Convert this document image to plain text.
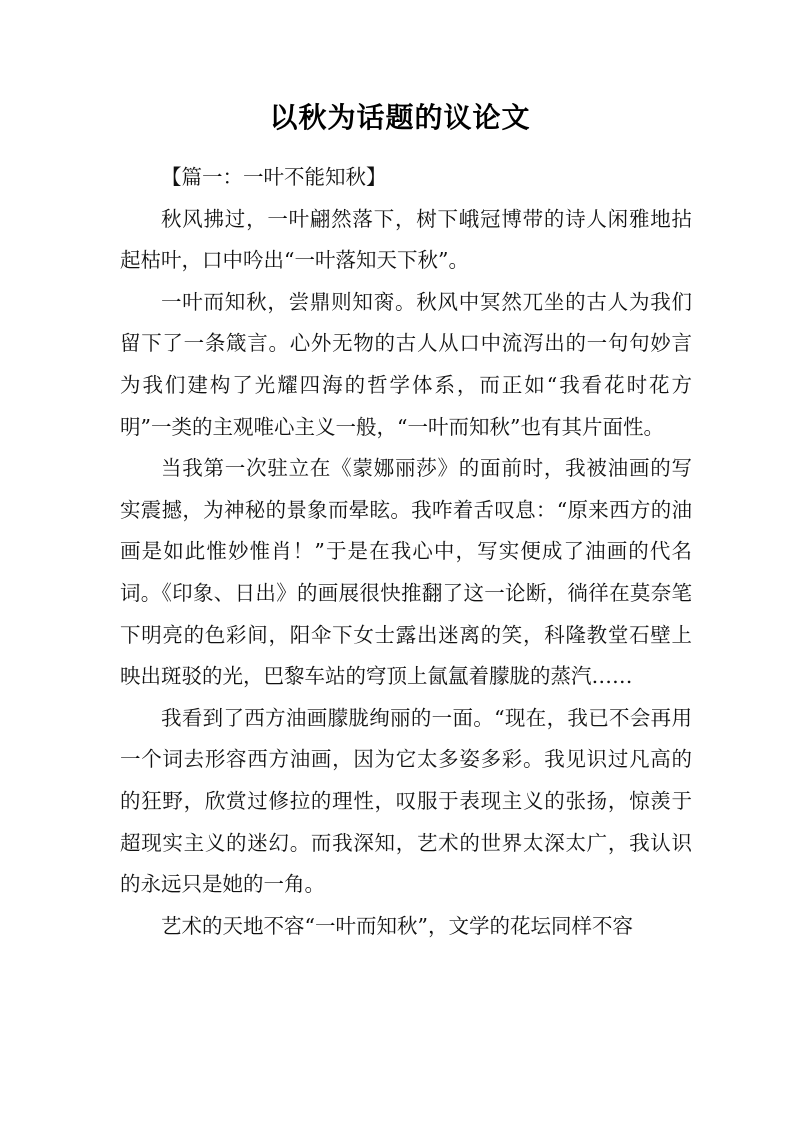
以秋为话题的议论文

【篇一：一叶不能知秋】

秋风拂过，一叶翩然落下，树下峨冠博带的诗人闲雅地拈起枯叶，口中吟出“一叶落知天下秋”。

一叶而知秋，尝鼎则知脔。秋风中冥然兀坐的古人为我们留下了一条箴言。心外无物的古人从口中流泻出的一句句妙言为我们建构了光耀四海的哲学体系，而正如“我看花时花方明”一类的主观唯心主义一般，“一叶而知秋”也有其片面性。

当我第一次驻立在《蒙娜丽莎》的面前时，我被油画的写实震撼，为神秘的景象而晕眩。我咋着舌叹息：“原来西方的油画是如此惟妙惟肖！”于是在我心中，写实便成了油画的代名词。《印象、日出》的画展很快推翻了这一论断，徜徉在莫奈笔下明亮的色彩间，阳伞下女士露出迷离的笑，科隆教堂石壁上映出斑驳的光，巴黎车站的穹顶上氤氲着朦胧的蒸汽……

我看到了西方油画朦胧绚丽的一面。“现在，我已不会再用一个词去形容西方油画，因为它太多姿多彩。我见识过凡高的的狂野，欣赏过修拉的理性，叹服于表现主义的张扬，惊羡于超现实主义的迷幻。而我深知，艺术的世界太深太广，我认识的永远只是她的一角。

艺术的天地不容“一叶而知秋”，文学的花坛同样不容
